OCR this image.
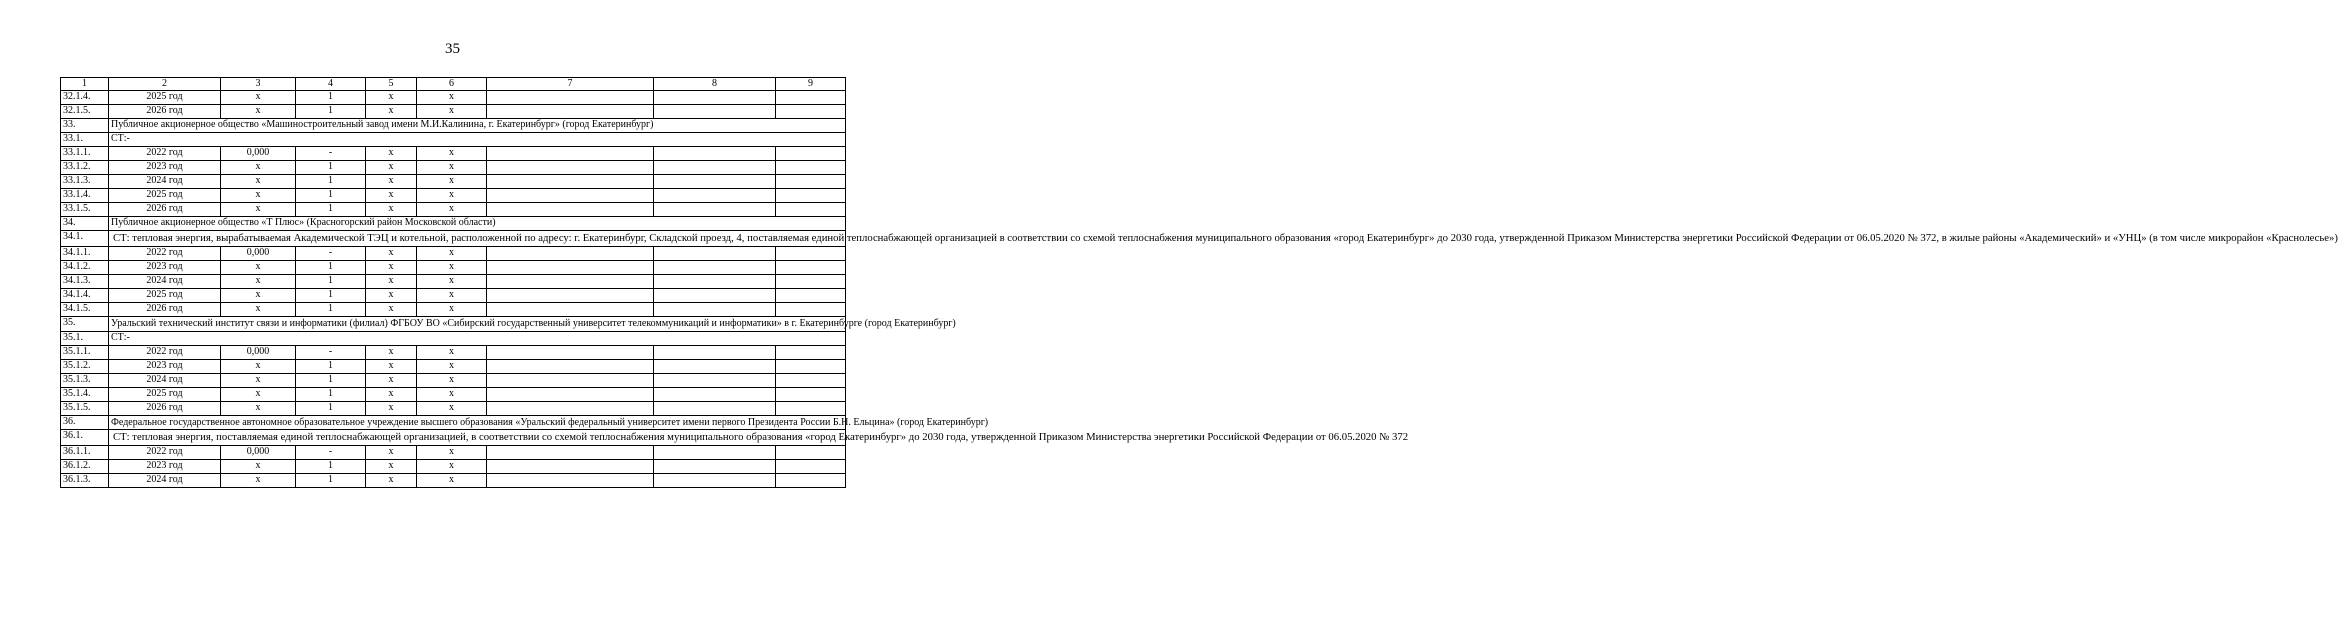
35
1	2	3	4	5	6	7	8	9
32.1.4.	2025 год	x	1	x	x			
32.1.5.	2026 год	x	1	x	x			
33.	Публичное акционерное общество «Машиностроительный завод имени М.И.Калинина, г. Екатеринбург» (город Екатеринбург)							
33.1.	СТ:-							
33.1.1.	2022 год	0,000	-	x	x			
33.1.2.	2023 год	x	1	x	x			
33.1.3.	2024 год	x	1	x	x			
33.1.4.	2025 год	x	1	x	x			
33.1.5.	2026 год	x	1	x	x			
34.	Публичное акционерное общество «Т Плюс» (Красногорский район Московской области)							
34.1.	СТ: тепловая энергия, вырабатываемая Академической ТЭЦ и котельной, расположенной по адресу: г. Екатеринбург, Складской проезд, 4, поставляемая единой теплоснабжающей организацией в соответствии со схемой теплоснабжения муниципального образования «город Екатеринбург» до 2030 года, утвержденной Приказом Министерства энергетики Российской Федерации от 06.05.2020 № 372, в жилые районы «Академический» и «УНЦ» (в том числе микрорайон «Краснолесье»)							
34.1.1.	2022 год	0,000	-	x	x			
34.1.2.	2023 год	x	1	x	x			
34.1.3.	2024 год	x	1	x	x			
34.1.4.	2025 год	x	1	x	x			
34.1.5.	2026 год	x	1	x	x			
35.	Уральский технический институт связи и информатики (филиал) ФГБОУ ВО «Сибирский государственный университет телекоммуникаций и информатики» в г. Екатеринбурге (город Екатеринбург)							
35.1.	СТ:-							
35.1.1.	2022 год	0,000	-	x	x			
35.1.2.	2023 год	x	1	x	x			
35.1.3.	2024 год	x	1	x	x			
35.1.4.	2025 год	x	1	x	x			
35.1.5.	2026 год	x	1	x	x			
36.	Федеральное государственное автономное образовательное учреждение высшего образования «Уральский федеральный университет имени первого Президента России Б.Н. Ельцина» (город Екатеринбург)							
36.1.	СТ: тепловая энергия, поставляемая единой теплоснабжающей организацией, в соответствии со схемой теплоснабжения муниципального образования «город Екатеринбург» до 2030 года, утвержденной Приказом Министерства энергетики Российской Федерации от 06.05.2020 № 372							
36.1.1.	2022 год	0,000	-	x	x			
36.1.2.	2023 год	x	1	x	x			
36.1.3.	2024 год	x	1	x	x			
